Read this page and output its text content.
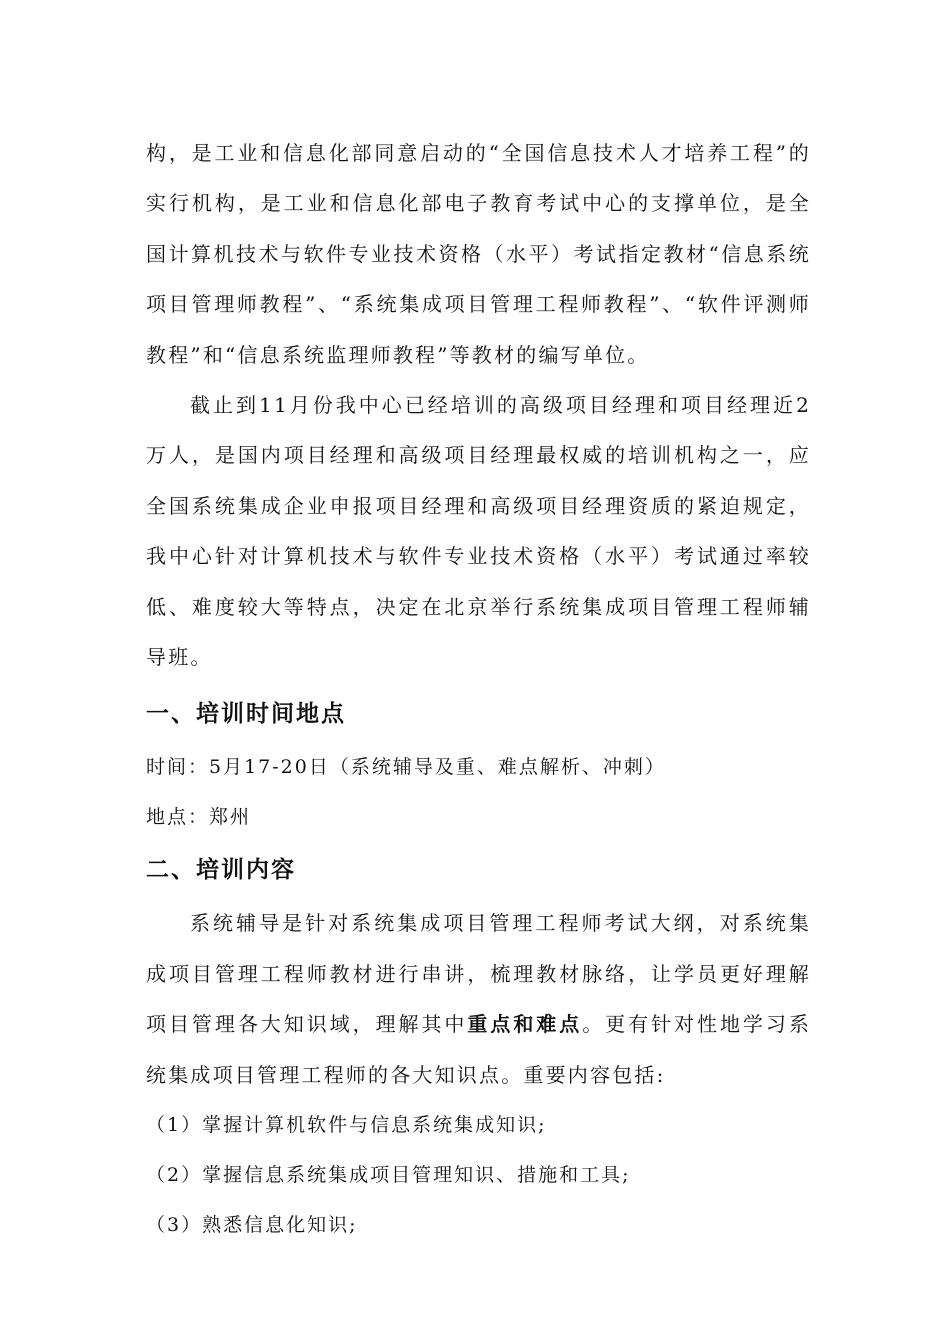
构，是工业和信息化部同意启动的“全国信息技术人才培养工程”的实行机构，是工业和信息化部电子教育考试中心的支撑单位，是全国计算机技术与软件专业技术资格（水平）考试指定教材“信息系统项目管理师教程”、“系统集成项目管理工程师教程”、“软件评测师教程”和“信息系统监理师教程”等教材的编写单位。

截止到11月份我中心已经培训的高级项目经理和项目经理近2万人，是国内项目经理和高级项目经理最权威的培训机构之一，应全国系统集成企业申报项目经理和高级项目经理资质的紧迫规定，我中心针对计算机技术与软件专业技术资格（水平）考试通过率较低、难度较大等特点，决定在北京举行系统集成项目管理工程师辅导班。

一、培训时间地点

时间：5月17-20日（系统辅导及重、难点解析、冲刺）

地点：郑州

二、培训内容

系统辅导是针对系统集成项目管理工程师考试大纲，对系统集成项目管理工程师教材进行串讲，梳理教材脉络，让学员更好理解项目管理各大知识域，理解其中重点和难点。更有针对性地学习系统集成项目管理工程师的各大知识点。重要内容包括:

（1）掌握计算机软件与信息系统集成知识;

（2）掌握信息系统集成项目管理知识、措施和工具;

（3）熟悉信息化知识;
